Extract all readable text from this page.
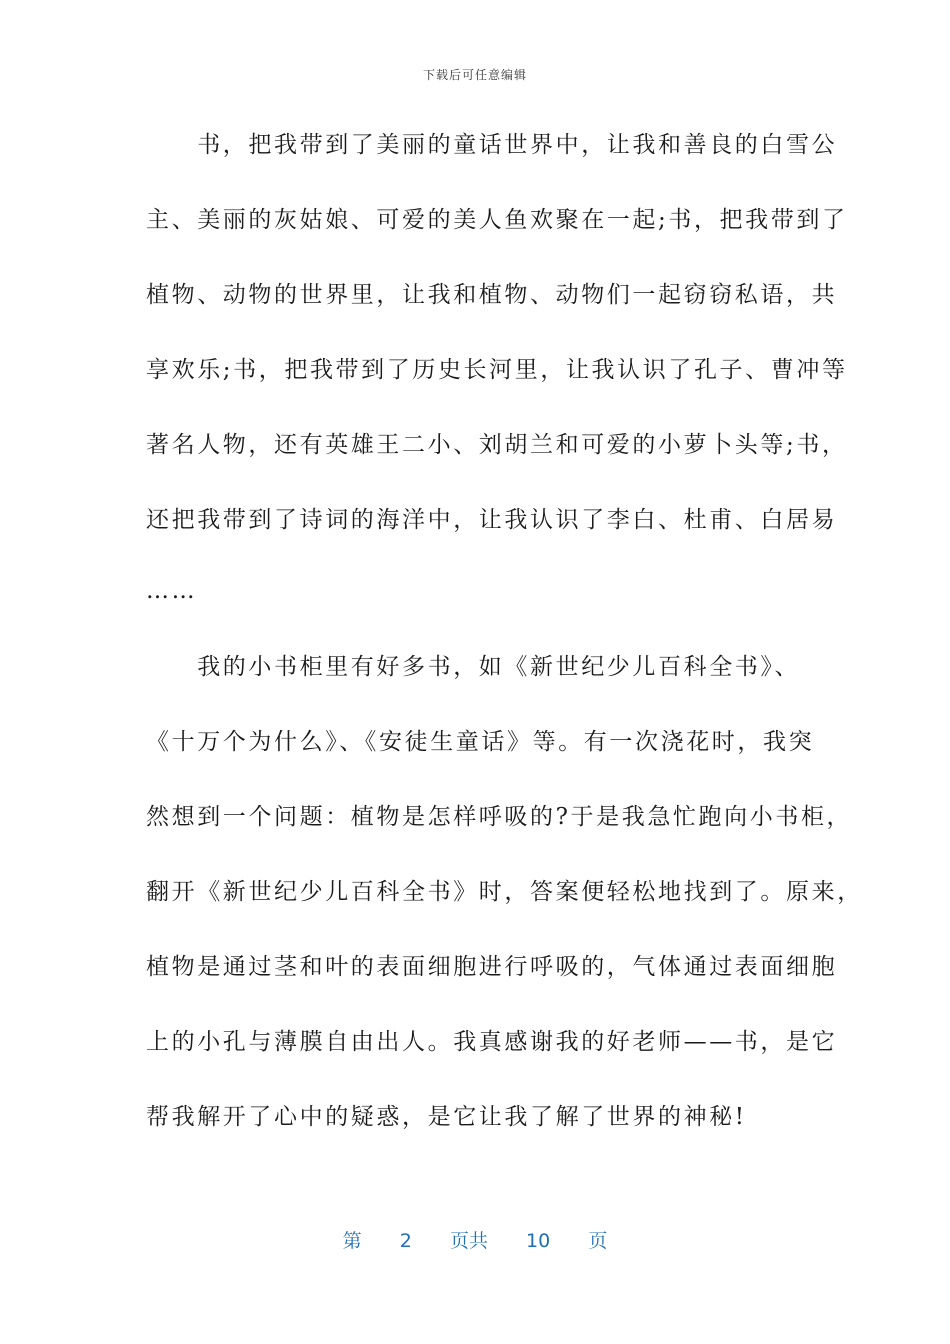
下载后可任意编辑
　　书，把我带到了美丽的童话世界中，让我和善良的白雪公
主、美丽的灰姑娘、可爱的美人鱼欢聚在一起;书，把我带到了
植物、动物的世界里，让我和植物、动物们一起窃窃私语，共
享欢乐;书，把我带到了历史长河里，让我认识了孔子、曹冲等
著名人物，还有英雄王二小、刘胡兰和可爱的小萝卜头等;书，
还把我带到了诗词的海洋中，让我认识了李白、杜甫、白居易
……
　　我的小书柜里有好多书，如《新世纪少儿百科全书》、
《十万个为什么》、《安徒生童话》等。有一次浇花时，我突
然想到一个问题：植物是怎样呼吸的?于是我急忙跑向小书柜，
翻开《新世纪少儿百科全书》时，答案便轻松地找到了。原来，
植物是通过茎和叶的表面细胞进行呼吸的，气体通过表面细胞
上的小孔与薄膜自由出人。我真感谢我的好老师——书，是它
帮我解开了心中的疑惑，是它让我了解了世界的神秘!
第 2 页共 10 页
